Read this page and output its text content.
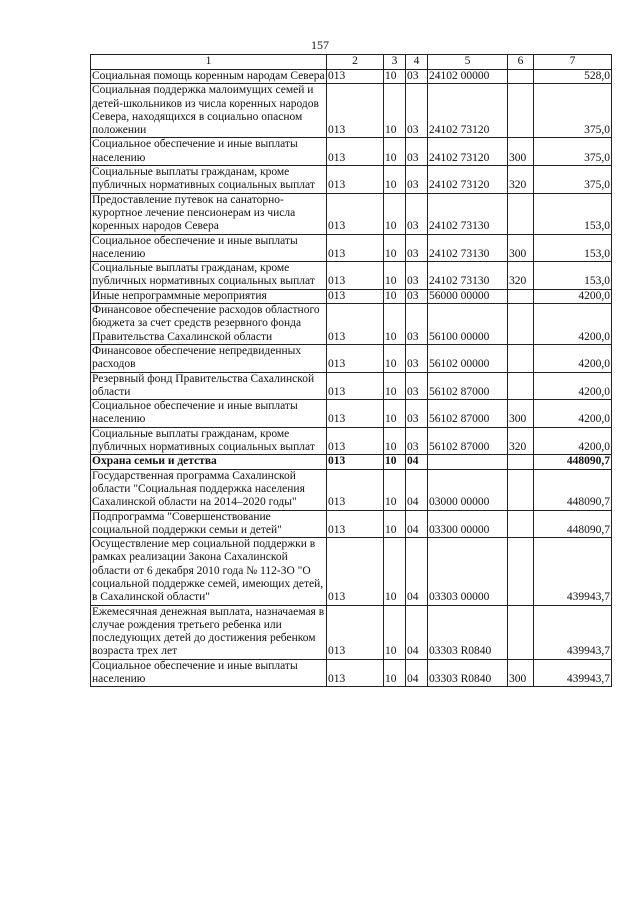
157
1	2	3	4	5	6	7
Социальная помощь коренным народам Севера	013	10	03	24102 00000		528,0
Социальная поддержка малоимущих семей и детей-школьников из числа коренных народов Севера, находящихся в социально опасном положении	013	10	03	24102 73120		375,0
Социальное обеспечение и иные выплаты населению	013	10	03	24102 73120	300	375,0
Социальные выплаты гражданам, кроме публичных нормативных социальных выплат	013	10	03	24102 73120	320	375,0
Предоставление путевок на санаторно-курортное лечение пенсионерам из числа коренных народов Севера	013	10	03	24102 73130		153,0
Социальное обеспечение и иные выплаты населению	013	10	03	24102 73130	300	153,0
Социальные выплаты гражданам, кроме публичных нормативных социальных выплат	013	10	03	24102 73130	320	153,0
Иные непрограммные мероприятия	013	10	03	56000 00000		4200,0
Финансовое обеспечение расходов областного бюджета за счет средств резервного фонда Правительства Сахалинской области	013	10	03	56100 00000		4200,0
Финансовое обеспечение непредвиденных расходов	013	10	03	56102 00000		4200,0
Резервный фонд Правительства Сахалинской области	013	10	03	56102 87000		4200,0
Социальное обеспечение и иные выплаты населению	013	10	03	56102 87000	300	4200,0
Социальные выплаты гражданам, кроме публичных нормативных социальных выплат	013	10	03	56102 87000	320	4200,0
Охрана семьи и детства	013	10	04			448090,7
Государственная программа Сахалинской области "Социальная поддержка населения Сахалинской области на 2014–2020 годы"	013	10	04	03000 00000		448090,7
Подпрограмма "Совершенствование социальной поддержки семьи и детей"	013	10	04	03300 00000		448090,7
Осуществление мер социальной поддержки в рамках реализации Закона Сахалинской области от 6 декабря 2010 года № 112-ЗО "О социальной поддержке семей, имеющих детей, в Сахалинской области"	013	10	04	03303 00000		439943,7
Ежемесячная денежная выплата, назначаемая в случае рождения третьего ребенка или последующих детей до достижения ребенком возраста трех лет	013	10	04	03303 R0840		439943,7
Социальное обеспечение и иные выплаты населению	013	10	04	03303 R0840	300	439943,7
